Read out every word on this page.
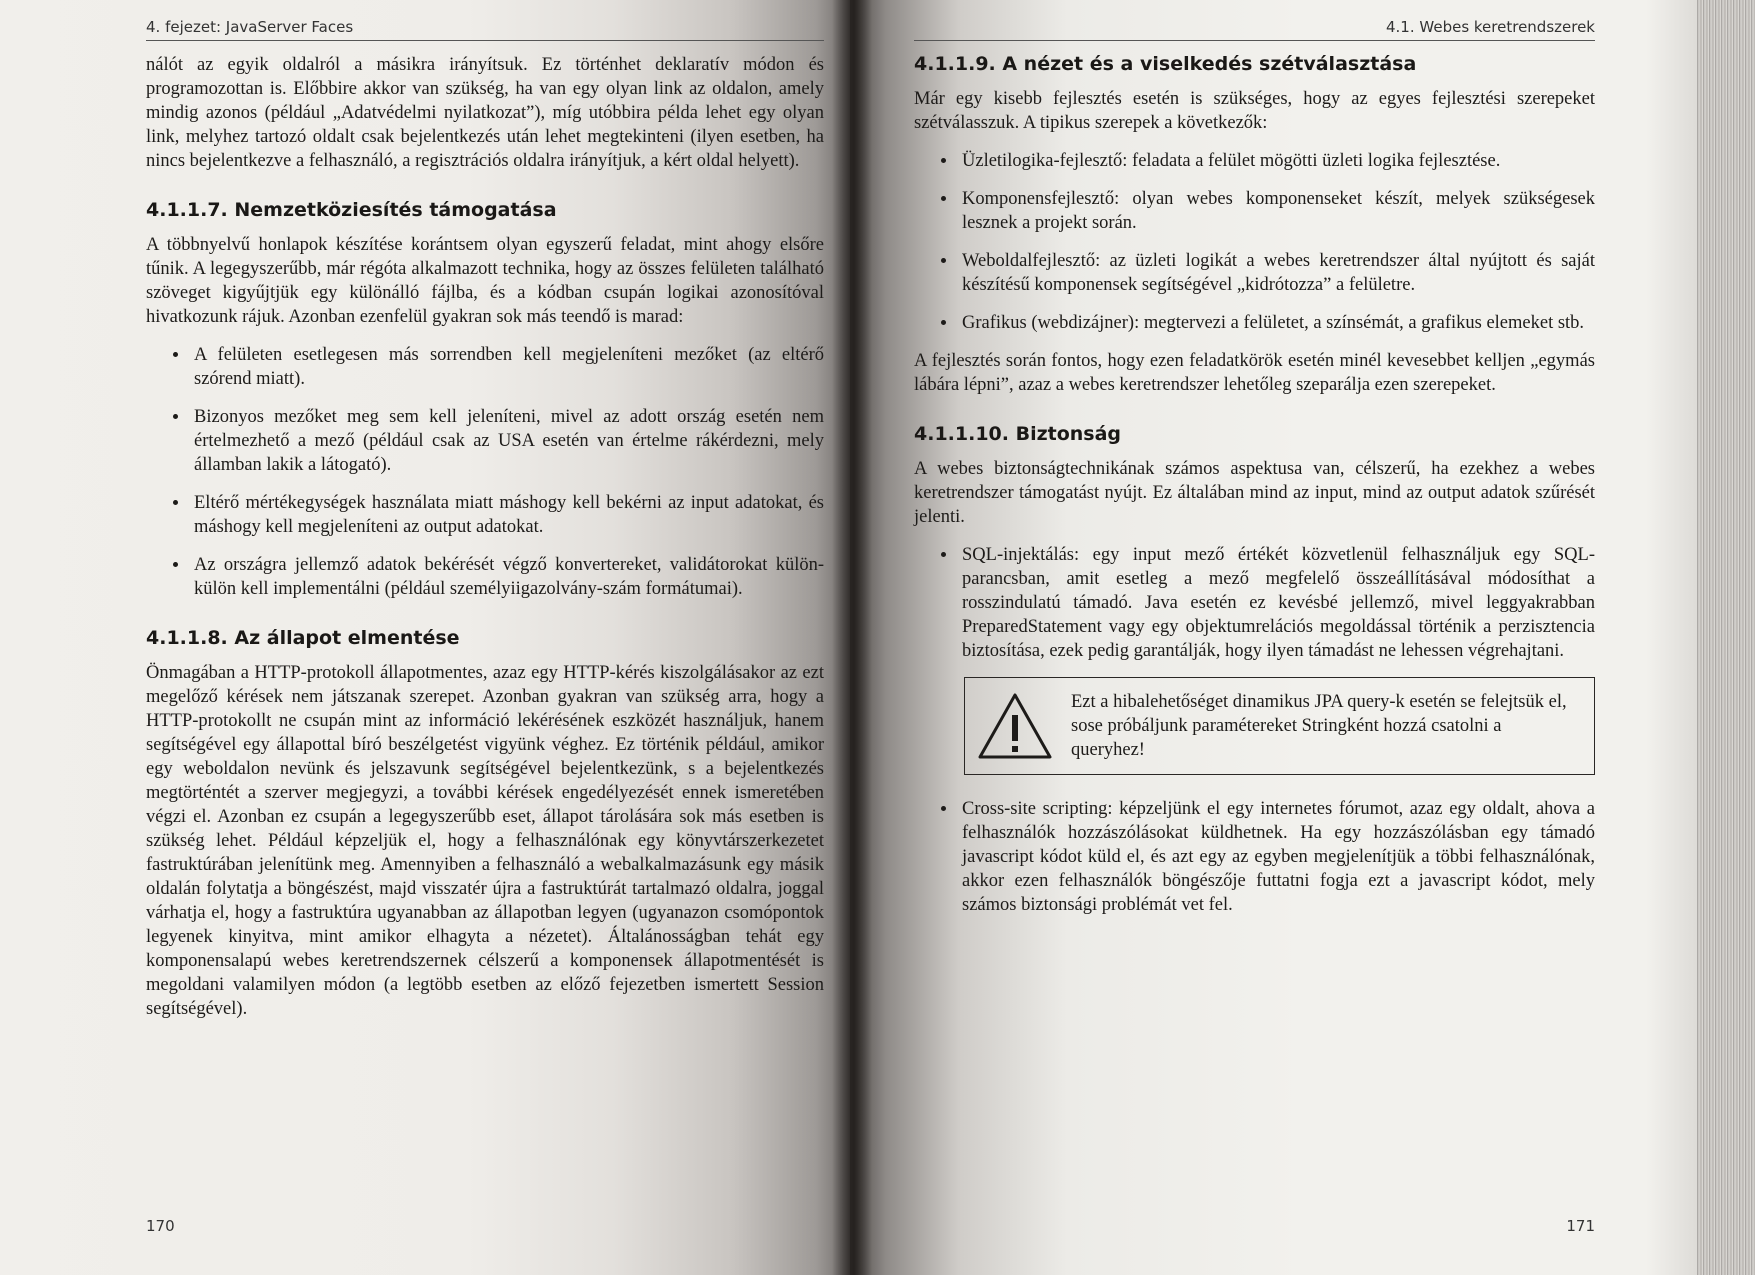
4. fejezet: JavaServer Faces

nálót az egyik oldalról a másikra irányítsuk. Ez történhet deklaratív módon és programozottan is. Előbbire akkor van szükség, ha van egy olyan link az oldalon, amely mindig azonos (például „Adatvédelmi nyilatkozat”), míg utóbbira példa lehet egy olyan link, melyhez tartozó oldalt csak bejelentkezés után lehet megtekinteni (ilyen esetben, ha nincs bejelentkezve a felhasználó, a regisztrációs oldalra irányítjuk, a kért oldal helyett).

4.1.1.7. Nemzetköziesítés támogatása

A többnyelvű honlapok készítése korántsem olyan egyszerű feladat, mint ahogy elsőre tűnik. A legegyszerűbb, már régóta alkalmazott technika, hogy az összes felületen található szöveget kigyűjtjük egy különálló fájlba, és a kódban csupán logikai azonosítóval hivatkozunk rájuk. Azonban ezenfelül gyakran sok más teendő is marad:

• A felületen esetlegesen más sorrendben kell megjeleníteni mezőket (az eltérő szórend miatt).
• Bizonyos mezőket meg sem kell jeleníteni, mivel az adott ország esetén nem értelmezhető a mező (például csak az USA esetén van értelme rákérdezni, mely államban lakik a látogató).
• Eltérő mértékegységek használata miatt máshogy kell bekérni az input adatokat, és máshogy kell megjeleníteni az output adatokat.
• Az országra jellemző adatok bekérését végző konvertereket, validátorokat külön-külön kell implementálni (például személyiigazolvány-szám formátumai).
4.1.1.8. Az állapot elmentése

Önmagában a HTTP-protokoll állapotmentes, azaz egy HTTP-kérés kiszolgálásakor az ezt megelőző kérések nem játszanak szerepet. Azonban gyakran van szükség arra, hogy a HTTP-protokollt ne csupán mint az információ lekérésének eszközét használjuk, hanem segítségével egy állapottal bíró beszélgetést vigyünk véghez. Ez történik például, amikor egy weboldalon nevünk és jelszavunk segítségével bejelentkezünk, s a bejelentkezés megtörténtét a szerver megjegyzi, a további kérések engedélyezését ennek ismeretében végzi el. Azonban ez csupán a legegyszerűbb eset, állapot tárolására sok más esetben is szükség lehet. Például képzeljük el, hogy a felhasználónak egy könyvtárszerkezetet fastruktúrában jelenítünk meg. Amennyiben a felhasználó a webalkalmazásunk egy másik oldalán folytatja a böngészést, majd visszatér újra a fastruktúrát tartalmazó oldalra, joggal várhatja el, hogy a fastruktúra ugyanabban az állapotban legyen (ugyanazon csomópontok legyenek kinyitva, mint amikor elhagyta a nézetet). Általánosságban tehát egy komponensalapú webes keretrendszernek célszerű a komponensek állapotmentését is megoldani valamilyen módon (a legtöbb esetben az előző fejezetben ismertett Session segítségével).

170
4.1. Webes keretrendszerek
4.1.1.9. A nézet és a viselkedés szétválasztása

Már egy kisebb fejlesztés esetén is szükséges, hogy az egyes fejlesztési szerepeket szétválasszuk. A tipikus szerepek a következők:

• Üzletilogika-fejlesztő: feladata a felület mögötti üzleti logika fejlesztése.
• Komponensfejlesztő: olyan webes komponenseket készít, melyek szükségesek lesznek a projekt során.
• Weboldalfejlesztő: az üzleti logikát a webes keretrendszer által nyújtott és saját készítésű komponensek segítségével „kidrótozza” a felületre.
• Grafikus (webdizájner): megtervezi a felületet, a színsémát, a grafikus elemeket stb.

A fejlesztés során fontos, hogy ezen feladatkörök esetén minél kevesebbet kelljen „egymás lábára lépni”, azaz a webes keretrendszer lehetőleg szeparálja ezen szerepeket.

4.1.1.10. Biztonság

A webes biztonságtechnikának számos aspektusa van, célszerű, ha ezekhez a webes keretrendszer támogatást nyújt. Ez általában mind az input, mind az output adatok szűrését jelenti.

• SQL-injektálás: egy input mező értékét közvetlenül felhasználjuk egy SQL-parancsban, amit esetleg a mező megfelelő összeállításával módosíthat a rosszindulatú támadó. Java esetén ez kevésbé jellemző, mivel leggyakrabban PreparedStatement vagy egy objektumrelációs megoldással történik a perzisztencia biztosítása, ezek pedig garantálják, hogy ilyen támadást ne lehessen végrehajtani.
Ezt a hibalehetőséget dinamikus JPA query-k esetén se felejtsük el, sose próbáljunk paramétereket Stringként hozzá csatolni a queryhez!
• Cross-site scripting: képzeljünk el egy internetes fórumot, azaz egy oldalt, ahova a felhasználók hozzászólásokat küldhetnek. Ha egy hozzászólásban egy támadó javascript kódot küld el, és azt egy az egyben megjelenítjük a többi felhasználónak, akkor ezen felhasználók böngészője futtatni fogja ezt a javascript kódot, mely számos biztonsági problémát vet fel.
171
